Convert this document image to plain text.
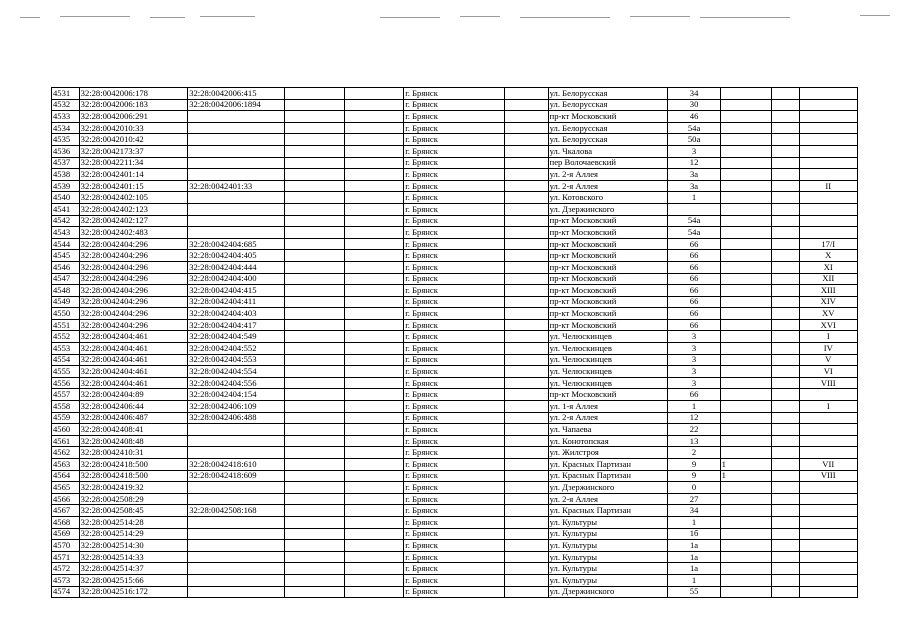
4531	32:28:0042006:178	32:28:0042006:415			г. Брянск		ул. Белорусская	34			
4532	32:28:0042006:183	32:28:0042006:1894			г. Брянск		ул. Белорусская	30			
4533	32:28:0042006:291				г. Брянск		пр-кт Московский	46			
4534	32:28:0042010:33				г. Брянск		ул. Белорусская	54а			
4535	32:28:0042010:42				г. Брянск		ул. Белорусская	50а			
4536	32:28:0042173:37				г. Брянск		ул. Чкалова	3			
4537	32:28:0042211:34				г. Брянск		пер Волочаевский	12			
4538	32:28:0042401:14				г. Брянск		ул. 2-я Аллея	3а			
4539	32:28:0042401:15	32:28:0042401:33			г. Брянск		ул. 2-я Аллея	3а			II
4540	32:28:0042402:105				г. Брянск		ул. Котовского	1			
4541	32:28:0042402:123				г. Брянск		ул. Дзержинского				
4542	32:28:0042402:127				г. Брянск		пр-кт Московский	54а			
4543	32:28:0042402:483				г. Брянск		пр-кт Московский	54а			
4544	32:28:0042404:296	32:28:0042404:685			г. Брянск		пр-кт Московский	66			17/I
4545	32:28:0042404:296	32:28:0042404:405			г. Брянск		пр-кт Московский	66			X
4546	32:28:0042404:296	32:28:0042404:444			г. Брянск		пр-кт Московский	66			XI
4547	32:28:0042404:296	32:28:0042404:400			г. Брянск		пр-кт Московский	66			XII
4548	32:28:0042404:296	32:28:0042404:415			г. Брянск		пр-кт Московский	66			XIII
4549	32:28:0042404:296	32:28:0042404:411			г. Брянск		пр-кт Московский	66			XIV
4550	32:28:0042404:296	32:28:0042404:403			г. Брянск		пр-кт Московский	66			XV
4551	32:28:0042404:296	32:28:0042404:417			г. Брянск		пр-кт Московский	66			XVI
4552	32:28:0042404:461	32:28:0042404:549			г. Брянск		ул. Челюскинцев	3			I
4553	32:28:0042404:461	32:28:0042404:552			г. Брянск		ул. Челюскинцев	3			IV
4554	32:28:0042404:461	32:28:0042404:553			г. Брянск		ул. Челюскинцев	3			V
4555	32:28:0042404:461	32:28:0042404:554			г. Брянск		ул. Челюскинцев	3			VI
4556	32:28:0042404:461	32:28:0042404:556			г. Брянск		ул. Челюскинцев	3			VIII
4557	32:28:0042404:89	32:28:0042404:154			г. Брянск		пр-кт Московский	66			
4558	32:28:0042406:44	32:28:0042406:109			г. Брянск		ул. 1-я Аллея	1			I
4559	32:28:0042406:487	32:28:0042406:488			г. Брянск		ул. 2-я Аллея	12			
4560	32:28:0042408:41				г. Брянск		ул. Чапаева	22			
4561	32:28:0042408:48				г. Брянск		ул. Конотопская	13			
4562	32:28:0042410:31				г. Брянск		ул. Жилстроя	2			
4563	32:28:0042418:500	32:28:0042418:610			г. Брянск		ул. Красных Партизан	9	1		VII
4564	32:28:0042418:500	32:28:0042418:609			г. Брянск		ул. Красных Партизан	9	1		VIII
4565	32:28:0042419:32				г. Брянск		ул. Дзержинского	0			
4566	32:28:0042508:29				г. Брянск		ул. 2-я Аллея	27			
4567	32:28:0042508:45	32:28:0042508:168			г. Брянск		ул. Красных Партизан	34			
4568	32:28:0042514:28				г. Брянск		ул. Культуры	1			
4569	32:28:0042514:29				г. Брянск		ул. Культуры	1б			
4570	32:28:0042514:30				г. Брянск		ул. Культуры	1а			
4571	32:28:0042514:33				г. Брянск		ул. Культуры	1а			
4572	32:28:0042514:37				г. Брянск		ул. Культуры	1а			
4573	32:28:0042515:66				г. Брянск		ул. Культуры	1			
4574	32:28:0042516:172				г. Брянск		ул. Дзержинского	55			
